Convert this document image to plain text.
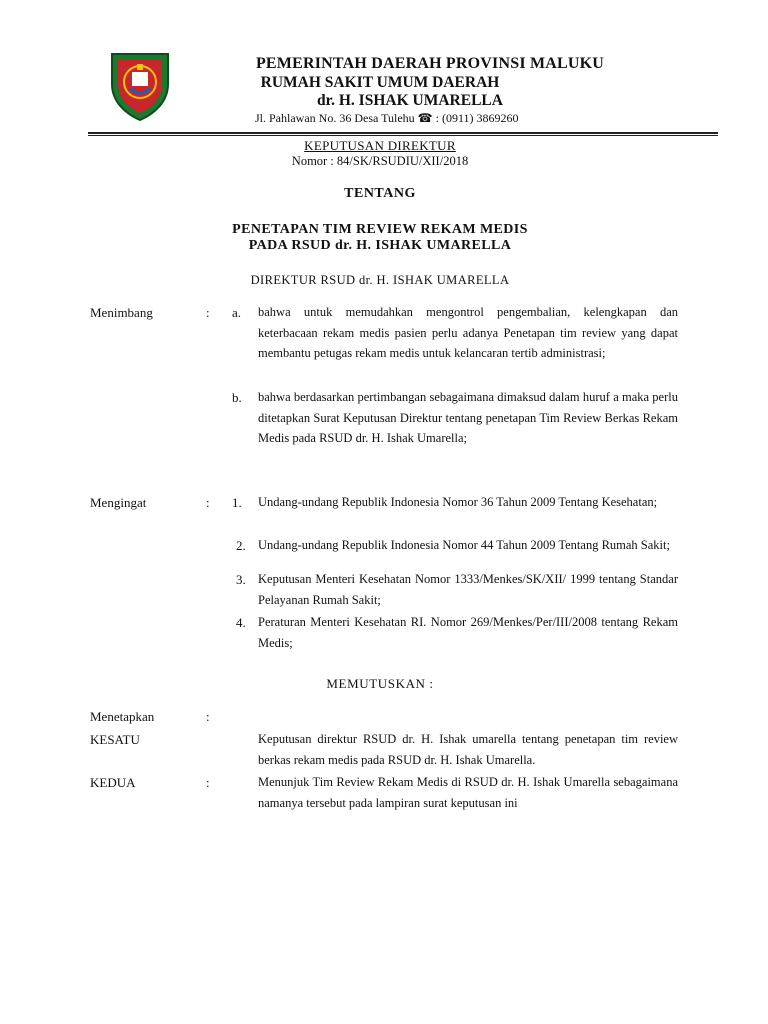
PEMERINTAH DAERAH PROVINSI MALUKU
RUMAH SAKIT UMUM DAERAH
dr. H. ISHAK UMARELLA
Jl. Pahlawan No. 36 Desa Tulehu ☎ : (0911) 3869260
KEPUTUSAN DIREKTUR
Nomor : 84/SK/RSUDIU/XII/2018
TENTANG
PENETAPAN TIM REVIEW REKAM MEDIS
PADA RSUD dr. H. ISHAK UMARELLA
DIREKTUR RSUD dr. H. ISHAK UMARELLA
Menimbang	: a. bahwa untuk memudahkan mengontrol pengembalian, kelengkapan dan keterbacaan rekam medis pasien perlu adanya Penetapan tim review yang dapat membantu petugas rekam medis untuk kelancaran tertib administrasi;
b. bahwa berdasarkan pertimbangan sebagaimana dimaksud dalam huruf a maka perlu ditetapkan Surat Keputusan Direktur tentang penetapan Tim Review Berkas Rekam Medis pada RSUD dr. H. Ishak Umarella;
Mengingat	: 1. Undang-undang Republik Indonesia Nomor 36 Tahun 2009 Tentang Kesehatan;
2. Undang-undang Republik Indonesia Nomor 44 Tahun 2009 Tentang Rumah Sakit;
3. Keputusan Menteri Kesehatan Nomor 1333/Menkes/SK/XII/ 1999 tentang Standar Pelayanan Rumah Sakit;
4. Peraturan Menteri Kesehatan RI. Nomor 269/Menkes/Per/III/2008 tentang Rekam Medis;
MEMUTUSKAN :
Menetapkan	:
KESATU	Keputusan direktur RSUD dr. H. Ishak umarella tentang penetapan tim review berkas rekam medis pada RSUD dr. H. Ishak Umarella.
KEDUA	:	Menunjuk Tim Review Rekam Medis di RSUD dr. H. Ishak Umarella sebagaimana namanya tersebut pada lampiran surat keputusan ini
